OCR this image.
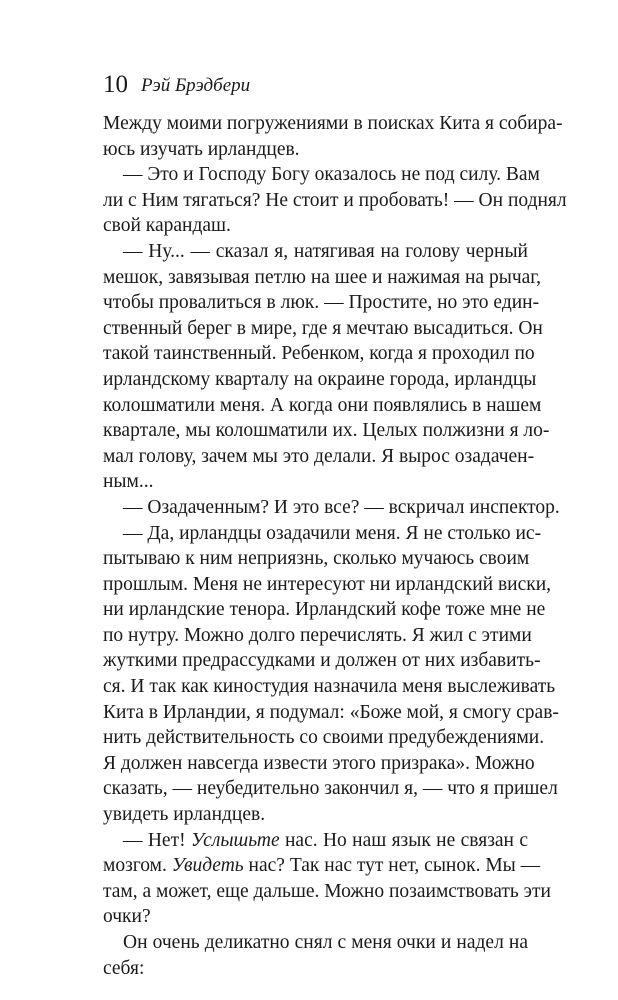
10 Рэй Брэдбери
Между моими погружениями в поисках Кита я собира-
юсь изучать ирландцев.
— Это и Господу Богу оказалось не под силу. Вам
ли с Ним тягаться? Не стоит и пробовать! — Он поднял
свой карандаш.
— Ну... — сказал я, натягивая на голову черный
мешок, завязывая петлю на шее и нажимая на рычаг,
чтобы провалиться в люк. — Простите, но это един-
ственный берег в мире, где я мечтаю высадиться. Он
такой таинственный. Ребенком, когда я проходил по
ирландскому кварталу на окраине города, ирландцы
колошматили меня. А когда они появлялись в нашем
квартале, мы колошматили их. Целых полжизни я ло-
мал голову, зачем мы это делали. Я вырос озадачен-
ным...
— Озадаченным? И это все? — вскричал инспектор.
— Да, ирландцы озадачили меня. Я не столько ис-
пытываю к ним неприязнь, сколько мучаюсь своим
прошлым. Меня не интересуют ни ирландский виски,
ни ирландские тенора. Ирландский кофе тоже мне не
по нутру. Можно долго перечислять. Я жил с этими
жуткими предрассудками и должен от них избавить-
ся. И так как киностудия назначила меня выслеживать
Кита в Ирландии, я подумал: «Боже мой, я смогу срав-
нить действительность со своими предубеждениями.
Я должен навсегда извести этого призрака». Можно
сказать, — неубедительно закончил я, — что я пришел
увидеть ирландцев.
— Нет! Услышьте нас. Но наш язык не связан с
мозгом. Увидеть нас? Так нас тут нет, сынок. Мы —
там, а может, еще дальше. Можно позаимствовать эти
очки?
Он очень деликатно снял с меня очки и надел на
себя:
